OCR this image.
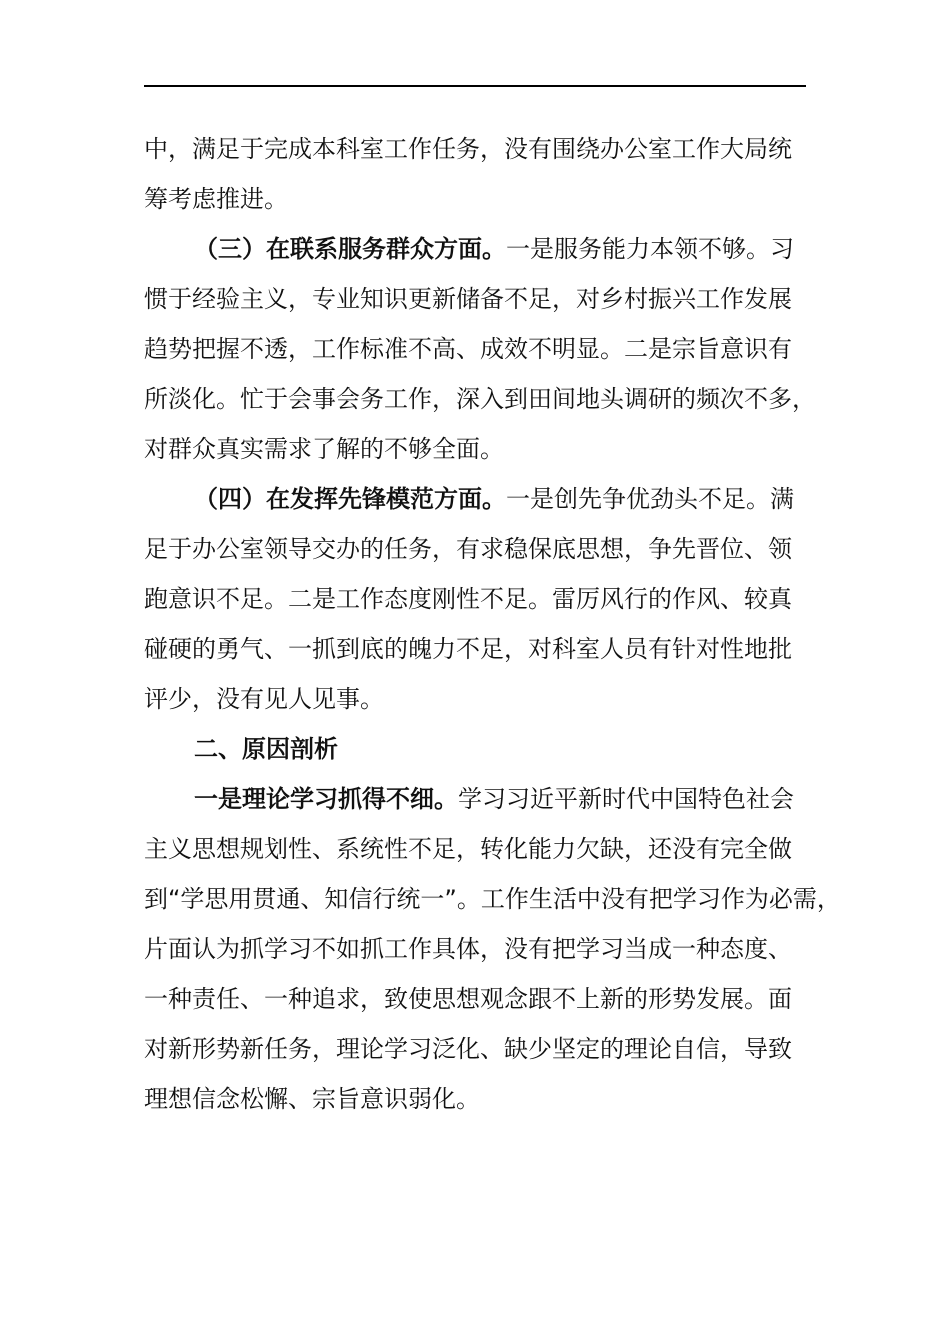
中，满足于完成本科室工作任务，没有围绕办公室工作大局统
筹考虑推进。
（三）在联系服务群众方面。一是服务能力本领不够。习
惯于经验主义，专业知识更新储备不足，对乡村振兴工作发展
趋势把握不透，工作标准不高、成效不明显。二是宗旨意识有
所淡化。忙于会事会务工作，深入到田间地头调研的频次不多，
对群众真实需求了解的不够全面。
（四）在发挥先锋模范方面。一是创先争优劲头不足。满
足于办公室领导交办的任务，有求稳保底思想，争先晋位、领
跑意识不足。二是工作态度刚性不足。雷厉风行的作风、较真
碰硬的勇气、一抓到底的魄力不足，对科室人员有针对性地批
评少，没有见人见事。
二、原因剖析
一是理论学习抓得不细。学习习近平新时代中国特色社会
主义思想规划性、系统性不足，转化能力欠缺，还没有完全做
到“学思用贯通、知信行统一”。工作生活中没有把学习作为必需，
片面认为抓学习不如抓工作具体，没有把学习当成一种态度、
一种责任、一种追求，致使思想观念跟不上新的形势发展。面
对新形势新任务，理论学习泛化、缺少坚定的理论自信，导致
理想信念松懈、宗旨意识弱化。
